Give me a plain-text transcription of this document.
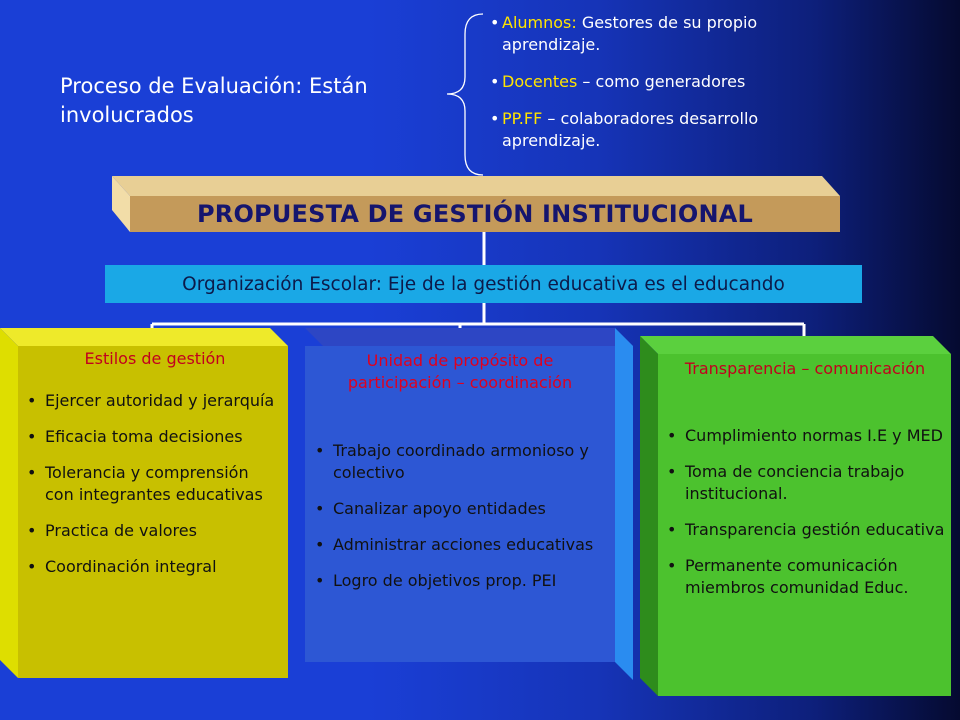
Proceso de Evaluación: Están
involucrados
• Alumnos: Gestores de su propio aprendizaje.
• Docentes – como generadores
• PP.FF – colaboradores desarrollo aprendizaje.
PROPUESTA DE GESTIÓN INSTITUCIONAL
Organización Escolar: Eje de la gestión educativa es el educando
Estilos de gestión
• Ejercer autoridad y jerarquía
• Eficacia toma decisiones
• Tolerancia y comprensión con integrantes educativas
• Practica de valores
• Coordinación integral
Unidad de propósito de participación – coordinación
• Trabajo coordinado armonioso y colectivo
• Canalizar apoyo entidades
• Administrar acciones educativas
• Logro de objetivos prop. PEI
Transparencia – comunicación
• Cumplimiento normas I.E y MED
• Toma de conciencia trabajo institucional.
• Transparencia gestión educativa
• Permanente comunicación miembros comunidad Educ.
